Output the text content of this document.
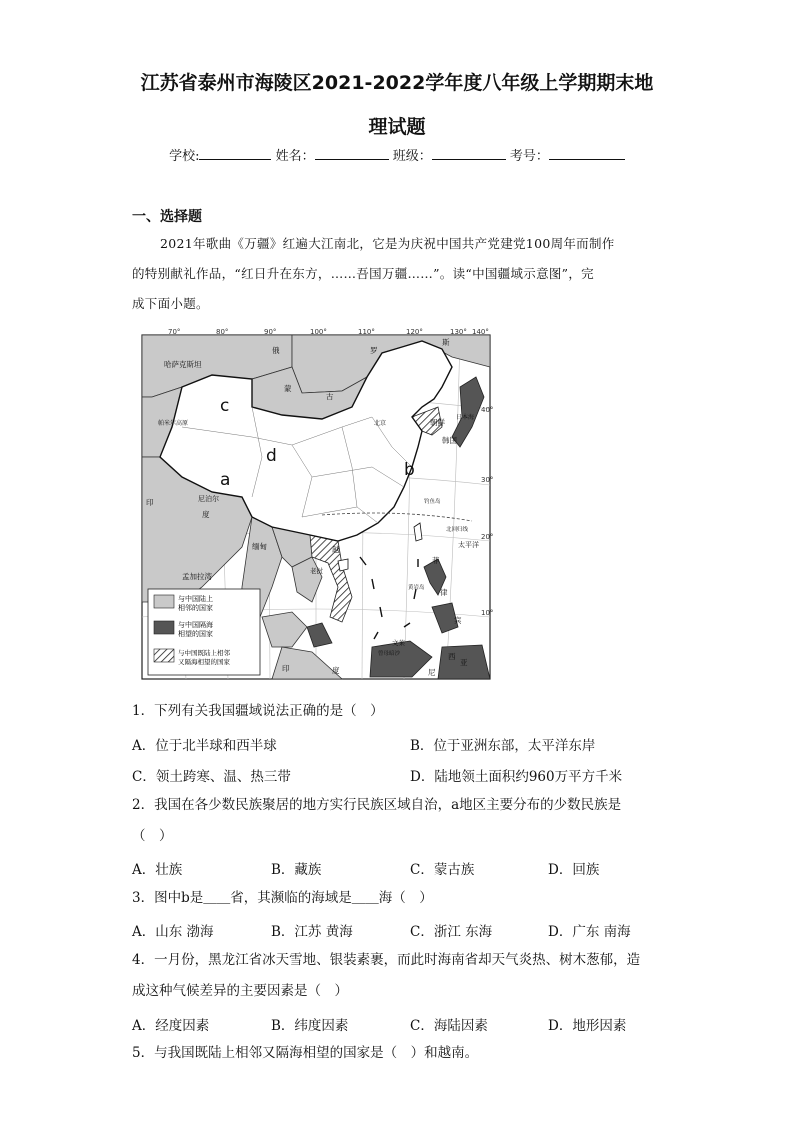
江苏省泰州市海陵区2021-2022学年度八年级上学期期末地
理试题
学校:	姓名：	班级：	考号：
一、选择题
2021年歌曲《万疆》红遍大江南北，它是为庆祝中国共产党建党100周年而制作
的特别献礼作品，“红日升在东方，……吾国万疆……”。读“中国疆域示意图”，完
成下面小题。
c
d
a	b
70°	80°	90°	100°	110°	120°	130° 140°
40°
30°
20°
10°
哈萨克斯坦
俄	罗
斯
蒙
古
朝鲜
韩国
日本海
印
度
尼泊尔
缅甸
孟加拉湾
老挝
越	太平洋
印	度	尼
西
亚
文莱
菲
律
宾
北京
钓鱼岛
黄岩岛
曾母暗沙
北回归线
帕米尔高原
与中国陆上
相邻的国家
与中国隔海
相望的国家
与中国既陆上相邻
又隔海相望的国家
1．下列有关我国疆域说法正确的是（　）
A．位于北半球和西半球	B．位于亚洲东部，太平洋东岸
C．领土跨寒、温、热三带	D．陆地领土面积约960万平方千米
2．我国在各少数民族聚居的地方实行民族区域自治，a地区主要分布的少数民族是
（　）
A．壮族	B．藏族	C．蒙古族	D．回族
3．图中b是＿＿省，其濒临的海域是＿＿海（　）
A．山东 渤海	B．江苏 黄海	C．浙江 东海	D．广东 南海
4．一月份，黑龙江省冰天雪地、银装素裹，而此时海南省却天气炎热、树木葱郁，造
成这种气候差异的主要因素是（　）
A．经度因素	B．纬度因素	C．海陆因素	D．地形因素
5．与我国既陆上相邻又隔海相望的国家是（　）和越南。
